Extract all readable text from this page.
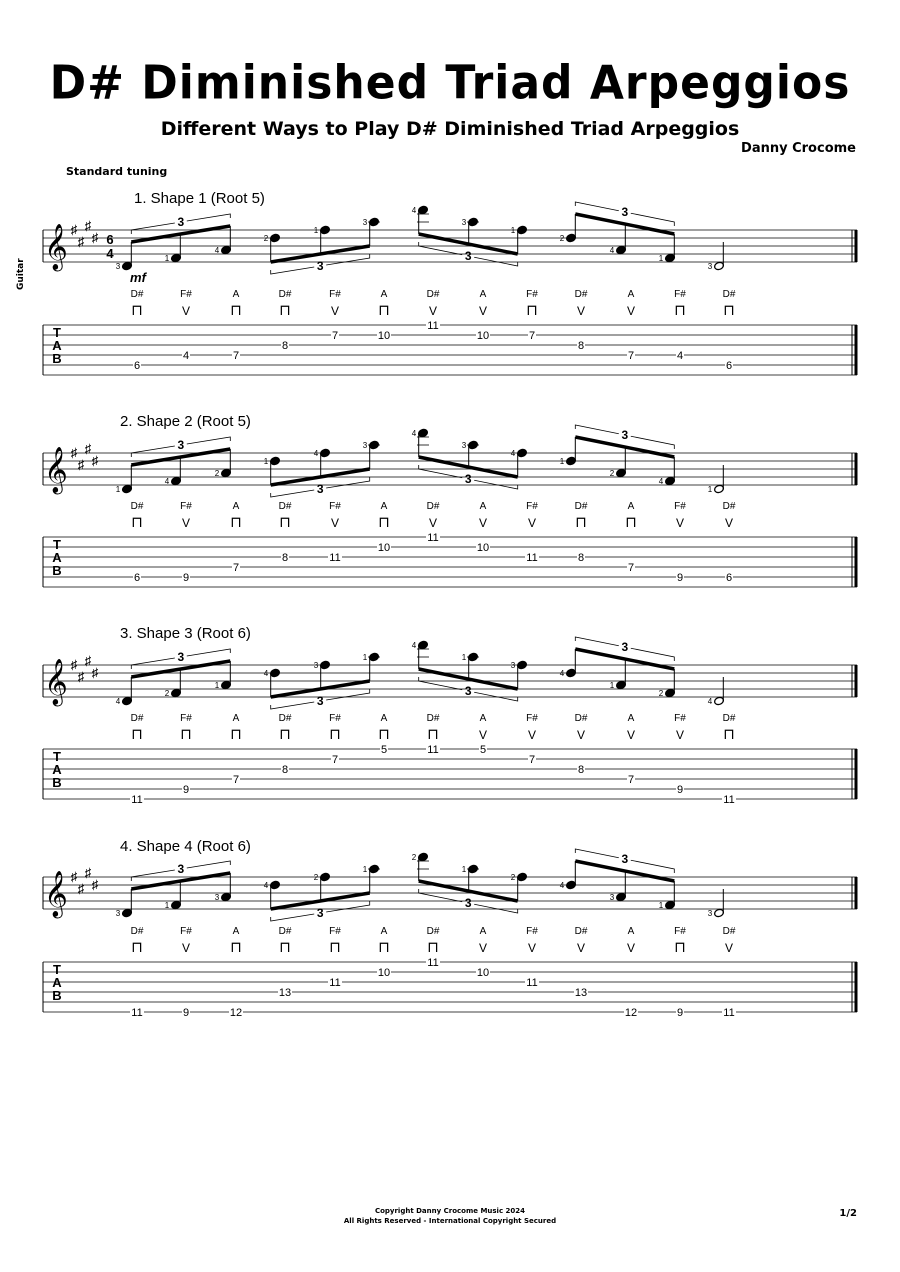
D# Diminished Triad Arpeggios
Different Ways to Play D# Diminished Triad Arpeggios
Danny Crocome
Standard tuning
Guitar
1. Shape 1 (Root 5)
2. Shape 2 (Root 5)
3. Shape 3 (Root 6)
4. Shape 4 (Root 6)
𝄞 ♯
♯
♯
♯ 6
4
mf
3
D#
⊓
1
F#
V
4
A
⊓
2
D#
⊓
1
F#
V
3
A
⊓
4
D#
V
3
A
V
1
F#
⊓
2
D#
V
4
A
V
1
F#
⊓
3
D#
⊓
3
3
3
3
T
A
B	6
4	7
8
7	10
11
10	7
8
7	4
6
𝄞 ♯
♯
♯
♯
1
D#
⊓
4
F#
V
2
A
⊓
1
D#
⊓
4
F#
V
3
A
⊓
4
D#
V
3
A
V
4
F#
V
1
D#
⊓
2
A
⊓
4
F#
V
1
D#
V
3
3
3
3
T
A
B	6	9
7
8	11
10
11
10
11	8
7
9	6
𝄞 ♯
♯
♯
♯
4
D#
⊓
2
F#
⊓
1
A
⊓
4
D#
⊓
3
F#
⊓
1
A
⊓
4
D#
⊓
1
A
V
3
F#
V
4
D#
V
1
A
V
2
F#
V
4
D#
⊓
3
3
3
3
T
A
B
11
9
7
8
7
5	11	5
7
8
7
9
11
𝄞 ♯
♯
♯
♯
3
D#
⊓
1
F#
V
3
A
⊓
4
D#
⊓
2
F#
⊓
1
A
⊓
2
D#
⊓
1
A
V
2
F#
V
4
D#
V
3
A
V
1
F#
⊓
3
D#
V
3
3
3
3
T
A
B
11	9	12
13
11
10
11
10
11
13
12	9	11
Copyright Danny Crocome Music 2024
All Rights Reserved - International Copyright Secured
1/2
